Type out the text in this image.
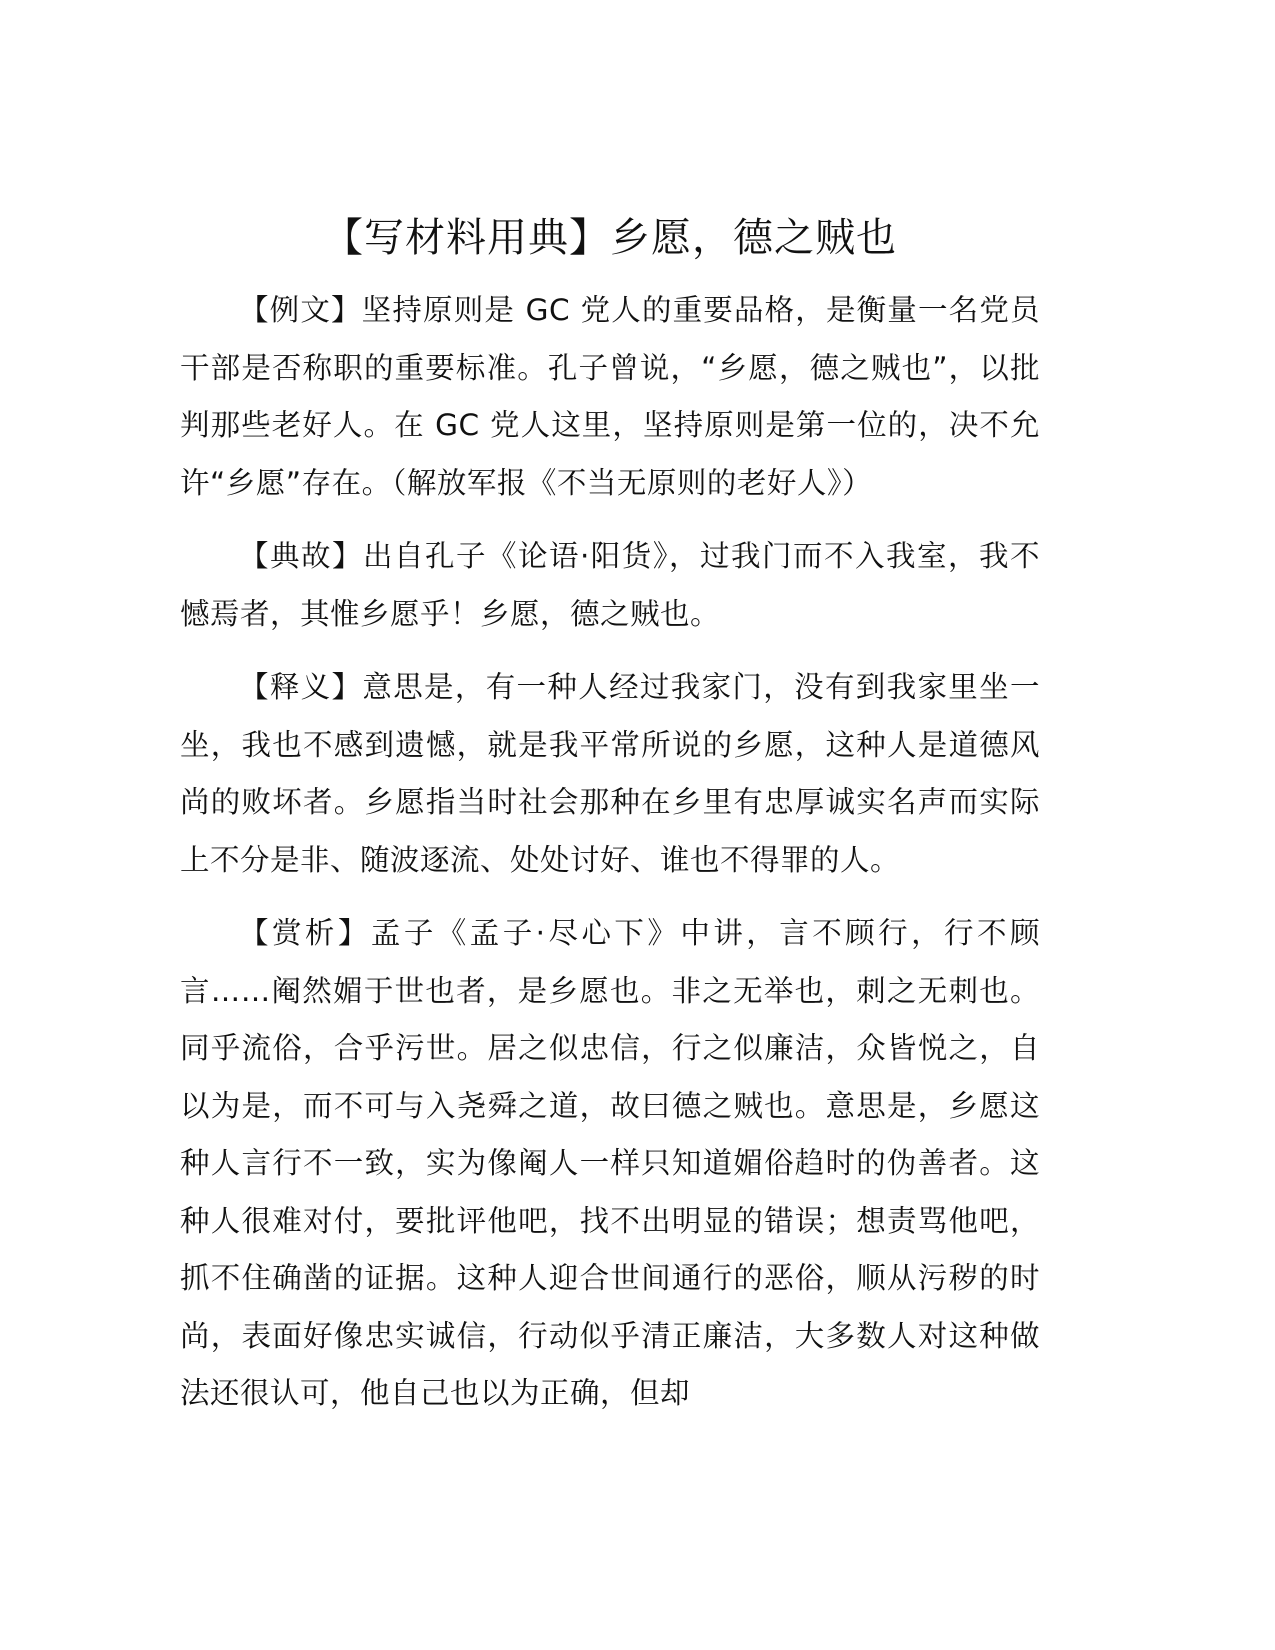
【写材料用典】乡愿，德之贼也

【例文】坚持原则是 GC 党人的重要品格，是衡量一名党员干部是否称职的重要标准。孔子曾说，“乡愿，德之贼也”，以批判那些老好人。在 GC 党人这里，坚持原则是第一位的，决不允许“乡愿”存在。（解放军报《不当无原则的老好人》）

【典故】出自孔子《论语·阳货》，过我门而不入我室，我不憾焉者，其惟乡愿乎！乡愿，德之贼也。

【释义】意思是，有一种人经过我家门，没有到我家里坐一坐，我也不感到遗憾，就是我平常所说的乡愿，这种人是道德风尚的败坏者。乡愿指当时社会那种在乡里有忠厚诚实名声而实际上不分是非、随波逐流、处处讨好、谁也不得罪的人。

【赏析】孟子《孟子·尽心下》中讲，言不顾行，行不顾言……阉然媚于世也者，是乡愿也。非之无举也，刺之无刺也。同乎流俗，合乎污世。居之似忠信，行之似廉洁，众皆悦之，自以为是，而不可与入尧舜之道，故曰德之贼也。意思是，乡愿这种人言行不一致，实为像阉人一样只知道媚俗趋时的伪善者。这种人很难对付，要批评他吧，找不出明显的错误；想责骂他吧，抓不住确凿的证据。这种人迎合世间通行的恶俗，顺从污秽的时尚，表面好像忠实诚信，行动似乎清正廉洁，大多数人对这种做法还很认可，他自己也以为正确，但却
